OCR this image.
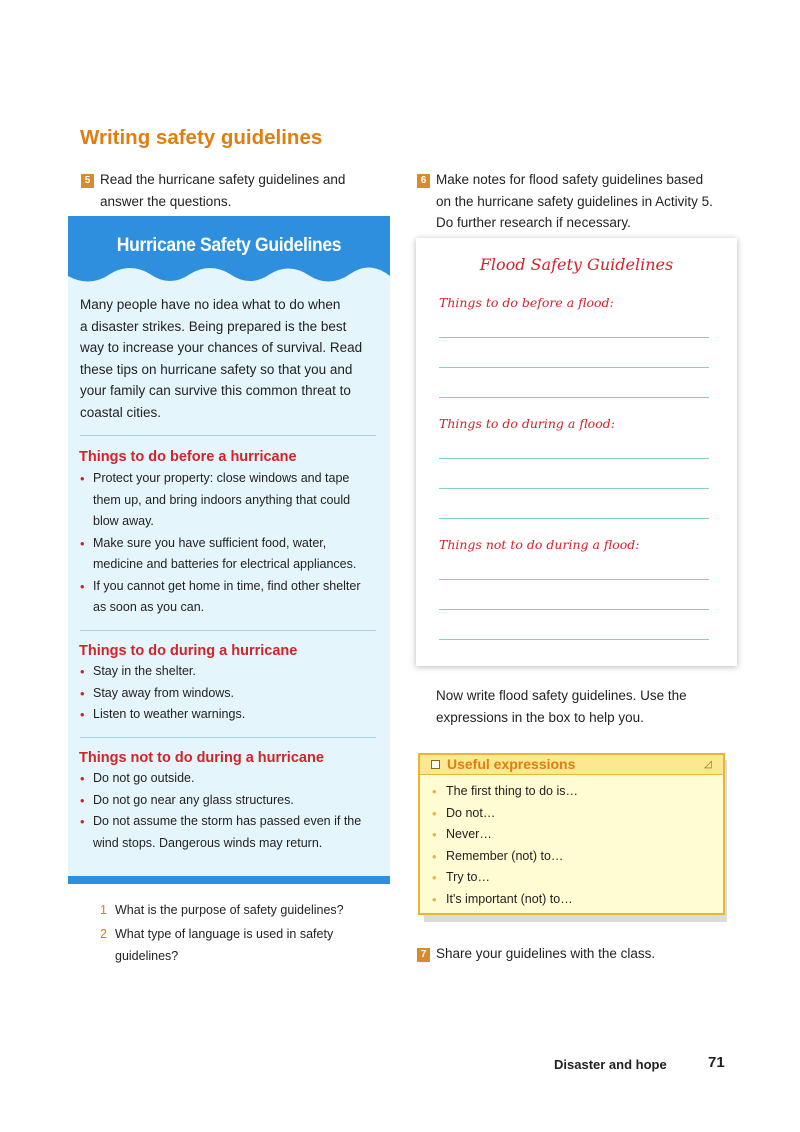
Writing safety guidelines
5 Read the hurricane safety guidelines and
answer the questions.
Hurricane Safety Guidelines
Many people have no idea what to do when
a disaster strikes. Being prepared is the best
way to increase your chances of survival. Read
these tips on hurricane safety so that you and
your family can survive this common threat to
coastal cities.
Things to do before a hurricane
• Protect your property: close windows and tape
them up, and bring indoors anything that could
blow away.
• Make sure you have sufficient food, water,
medicine and batteries for electrical appliances.
• If you cannot get home in time, find other shelter
as soon as you can.
Things to do during a hurricane
• Stay in the shelter.
• Stay away from windows.
• Listen to weather warnings.
Things not to do during a hurricane
• Do not go outside.
• Do not go near any glass structures.
• Do not assume the storm has passed even if the
wind stops. Dangerous winds may return.
1 What is the purpose of safety guidelines?
2 What type of language is used in safety
guidelines?
6 Make notes for flood safety guidelines based
on the hurricane safety guidelines in Activity 5.
Do further research if necessary.
Flood Safety Guidelines
Things to do before a flood:
Things to do during a flood:
Things not to do during a flood:
Now write flood safety guidelines. Use the
expressions in the box to help you.
Useful expressions	◿
• The first thing to do is…
• Do not…
• Never…
• Remember (not) to…
• Try to…
• It's important (not) to…
7 Share your guidelines with the class.
Disaster and hope	71
